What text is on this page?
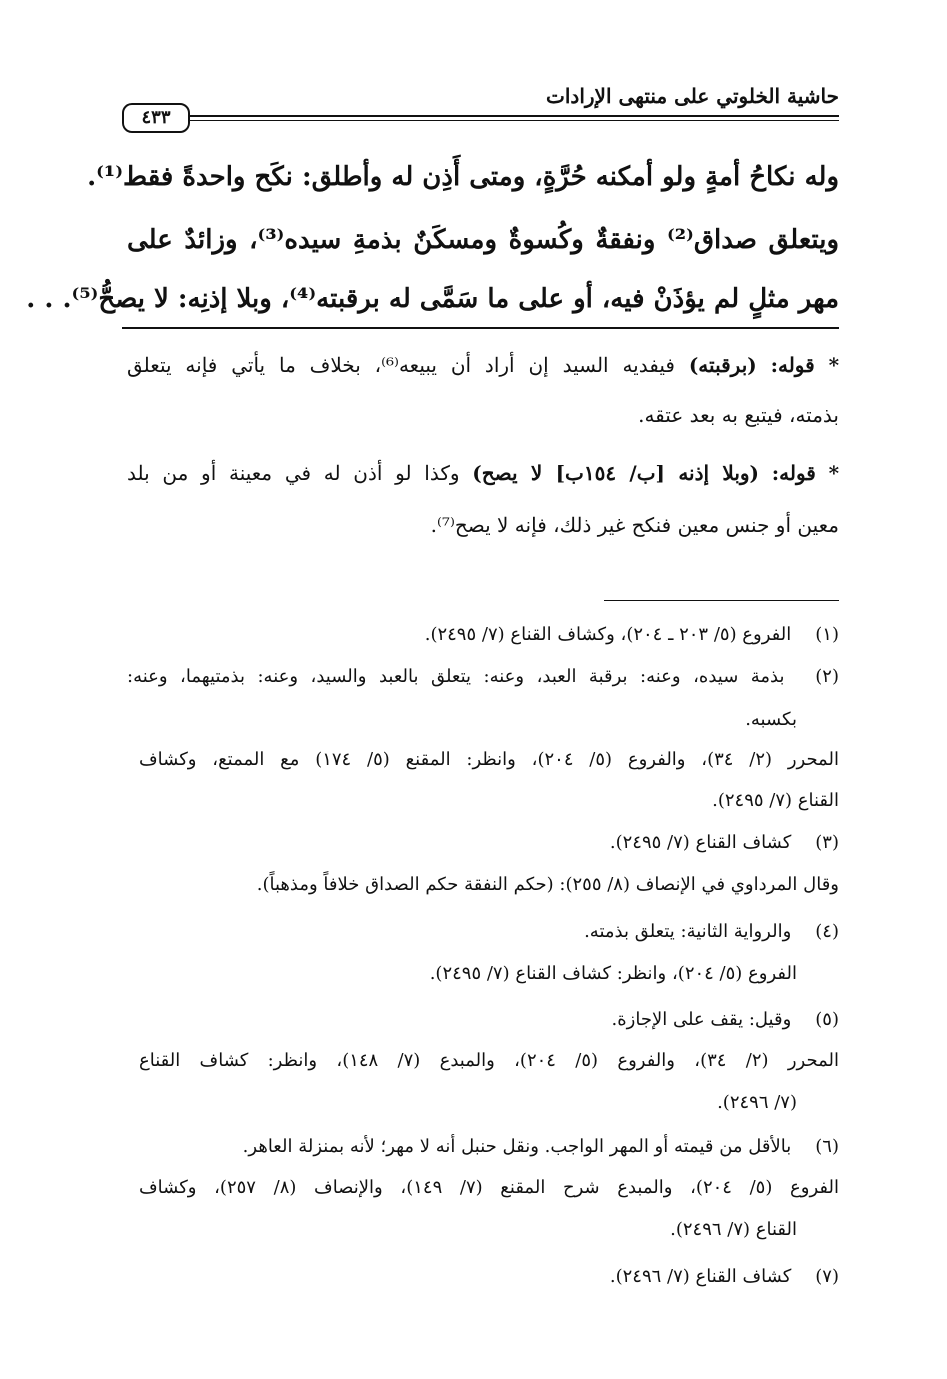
حاشية الخلوتي على منتهى الإرادات
٤٣٣
وله نكاحُ أمةٍ ولو أمكنه حُرَّةٍ، ومتى أَذِن له وأطلق: نكَح واحدةً فقط⁽¹⁾.
ويتعلق صداق⁽²⁾ ونفقةٌ وكُسوةٌ ومسكَنٌ بذمةِ سيده⁽³⁾، وزائدٌ على
مهر مثلٍ لم يؤذَنْ فيه، أو على ما سَمَّى له برقبته⁽⁴⁾، وبلا إذنِه: لا يصحُّ⁽⁵⁾. . .
* قوله: (برقبته) فيفديه السيد إن أراد أن يبيعه⁽⁶⁾، بخلاف ما يأتي فإنه يتعلق
بذمته، فيتبع به بعد عتقه.
* قوله: (وبلا إذنه [ب/ ١٥٤ب] لا يصح) وكذا لو أذن له في معينة أو من بلد
معين أو جنس معين فنكح غير ذلك، فإنه لا يصح⁽⁷⁾.
(١) الفروع (٥/ ٢٠٣ ـ ٢٠٤)، وكشاف القناع (٧/ ٢٤٩٥).
(٢) بذمة سيده، وعنه: برقبة العبد، وعنه: يتعلق بالعبد والسيد، وعنه: بذمتيهما، وعنه:
بكسبه.
المحرر (٢/ ٣٤)، والفروع (٥/ ٢٠٤)، وانظر: المقنع (٥/ ١٧٤) مع الممتع، وكشاف
القناع (٧/ ٢٤٩٥).
(٣) كشاف القناع (٧/ ٢٤٩٥).
وقال المرداوي في الإنصاف (٨/ ٢٥٥): (حكم النفقة حكم الصداق خلافاً ومذهباً).
(٤) والرواية الثانية: يتعلق بذمته.
الفروع (٥/ ٢٠٤)، وانظر: كشاف القناع (٧/ ٢٤٩٥).
(٥) وقيل: يقف على الإجازة.
المحرر (٢/ ٣٤)، والفروع (٥/ ٢٠٤)، والمبدع (٧/ ١٤٨)، وانظر: كشاف القناع
(٧/ ٢٤٩٦).
(٦) بالأقل من قيمته أو المهر الواجب. ونقل حنبل أنه لا مهر؛ لأنه بمنزلة العاهر.
الفروع (٥/ ٢٠٤)، والمبدع شرح المقنع (٧/ ١٤٩)، والإنصاف (٨/ ٢٥٧)، وكشاف
القناع (٧/ ٢٤٩٦).
(٧) كشاف القناع (٧/ ٢٤٩٦).
